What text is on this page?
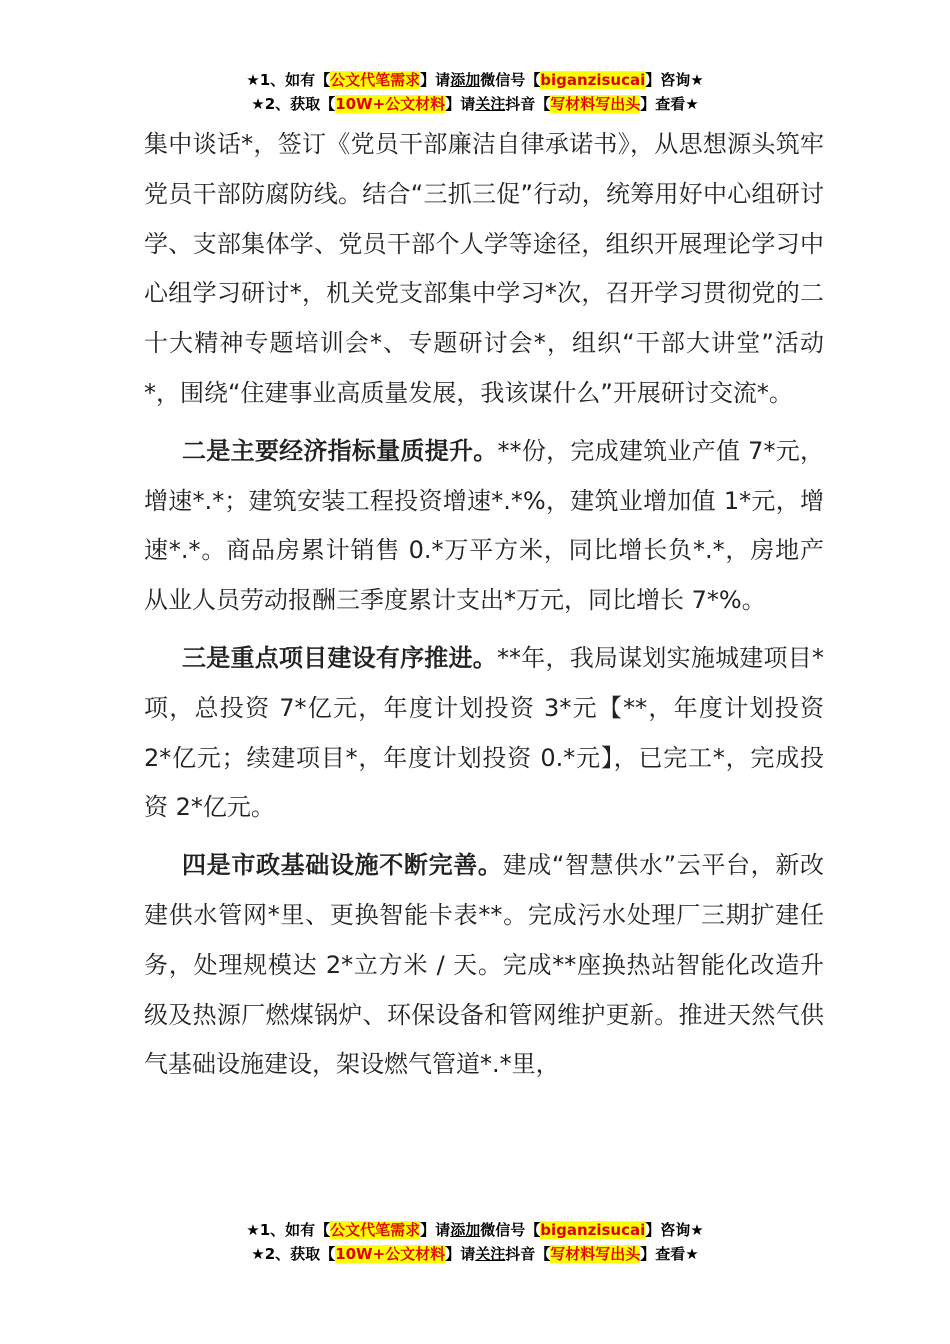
★1、如有【公文代笔需求】请添加微信号【biganzisucai】咨询★
★2、获取【10W+公文材料】请关注抖音【写材料写出头】查看★

集中谈话*，签订《党员干部廉洁自律承诺书》，从思想源头筑牢党员干部防腐防线。结合“三抓三促”行动，统筹用好中心组研讨学、支部集体学、党员干部个人学等途径，组织开展理论学习中心组学习研讨*，机关党支部集中学习*次，召开学习贯彻党的二十大精神专题培训会*、专题研讨会*，组织“干部大讲堂”活动*，围绕“住建事业高质量发展，我该谋什么”开展研讨交流*。

二是主要经济指标量质提升。**份，完成建筑业产值 7*元，增速*.*；建筑安装工程投资增速*.*%，建筑业增加值 1*元，增速*.*。商品房累计销售 0.*万平方米，同比增长负*.*，房地产从业人员劳动报酬三季度累计支出*万元，同比增长 7*%。

三是重点项目建设有序推进。**年，我局谋划实施城建项目*项，总投资 7*亿元，年度计划投资 3*元【**，年度计划投资 2*亿元；续建项目*，年度计划投资 0.*元】，已完工*，完成投资 2*亿元。

四是市政基础设施不断完善。建成“智慧供水”云平台，新改建供水管网*里、更换智能卡表**。完成污水处理厂三期扩建任务，处理规模达 2*立方米 / 天。完成**座换热站智能化改造升级及热源厂燃煤锅炉、环保设备和管网维护更新。推进天然气供气基础设施建设，架设燃气管道*.*里，

★1、如有【公文代笔需求】请添加微信号【biganzisucai】咨询★
★2、获取【10W+公文材料】请关注抖音【写材料写出头】查看★
